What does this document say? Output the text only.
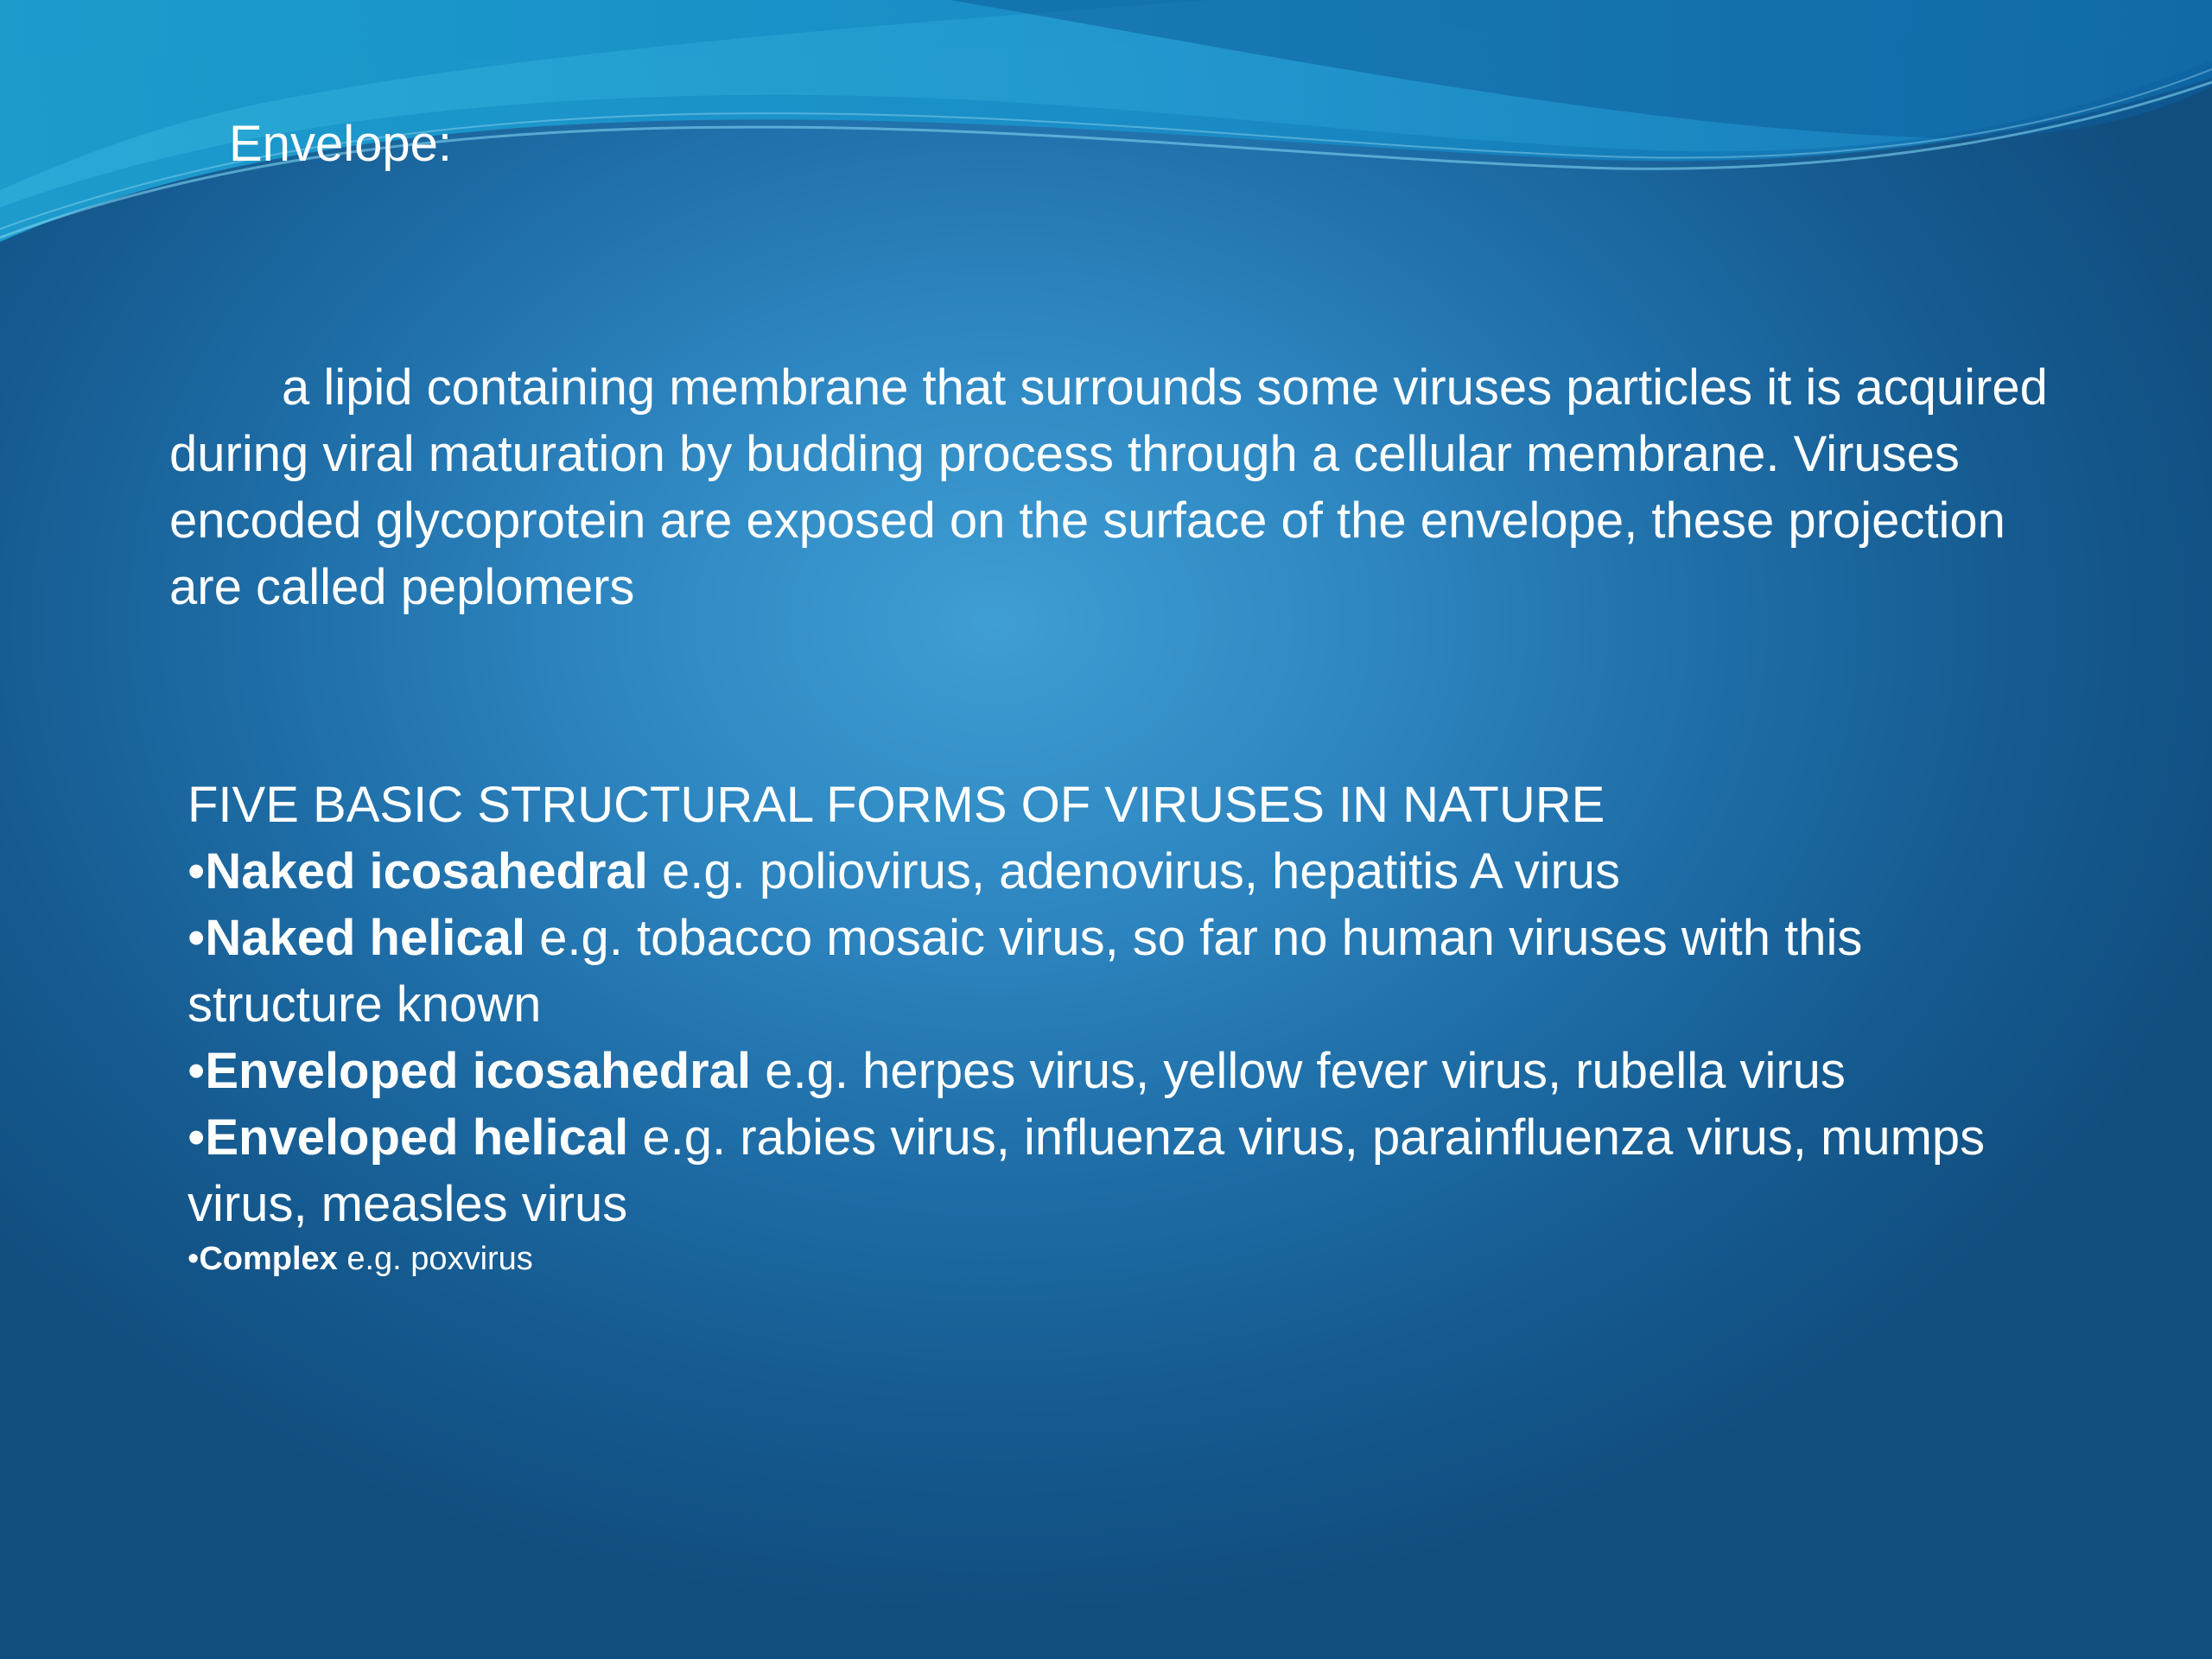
Envelope:

a lipid containing membrane that surrounds some viruses particles it is acquired during viral maturation by budding process through a cellular membrane. Viruses encoded glycoprotein are exposed on the surface of the envelope, these projection are called peplomers

FIVE BASIC STRUCTURAL FORMS OF VIRUSES IN NATURE
•Naked icosahedral e.g. poliovirus, adenovirus, hepatitis A virus
•Naked helical e.g. tobacco mosaic virus, so far no human viruses with this structure known
•Enveloped icosahedral e.g. herpes virus, yellow fever virus, rubella virus
•Enveloped helical e.g. rabies virus, influenza virus, parainfluenza virus, mumps virus, measles virus
•Complex e.g. poxvirus
